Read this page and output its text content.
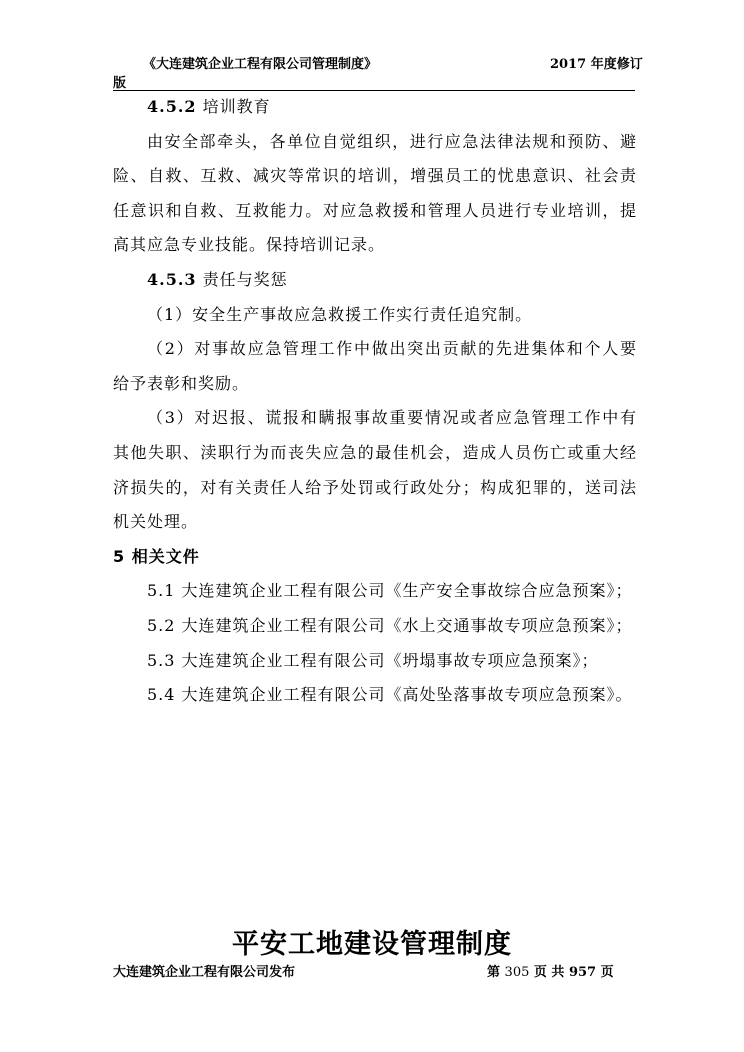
《大连建筑企业工程有限公司管理制度》	2017 年度修订
版
4.5.2 培训教育
由安全部牵头，各单位自觉组织，进行应急法律法规和预防、避
险、自救、互救、减灾等常识的培训，增强员工的忧患意识、社会责
任意识和自救、互救能力。对应急救援和管理人员进行专业培训，提
高其应急专业技能。保持培训记录。
4.5.3 责任与奖惩
（1）安全生产事故应急救援工作实行责任追究制。
（2）对事故应急管理工作中做出突出贡献的先进集体和个人要
给予表彰和奖励。
（3）对迟报、谎报和瞒报事故重要情况或者应急管理工作中有
其他失职、渎职行为而丧失应急的最佳机会，造成人员伤亡或重大经
济损失的，对有关责任人给予处罚或行政处分；构成犯罪的，送司法
机关处理。
5 相关文件
5.1 大连建筑企业工程有限公司《生产安全事故综合应急预案》；
5.2 大连建筑企业工程有限公司《水上交通事故专项应急预案》；
5.3 大连建筑企业工程有限公司《坍塌事故专项应急预案》；
5.4 大连建筑企业工程有限公司《高处坠落事故专项应急预案》。
平安工地建设管理制度
大连建筑企业工程有限公司发布	第 305 页 共 957 页
